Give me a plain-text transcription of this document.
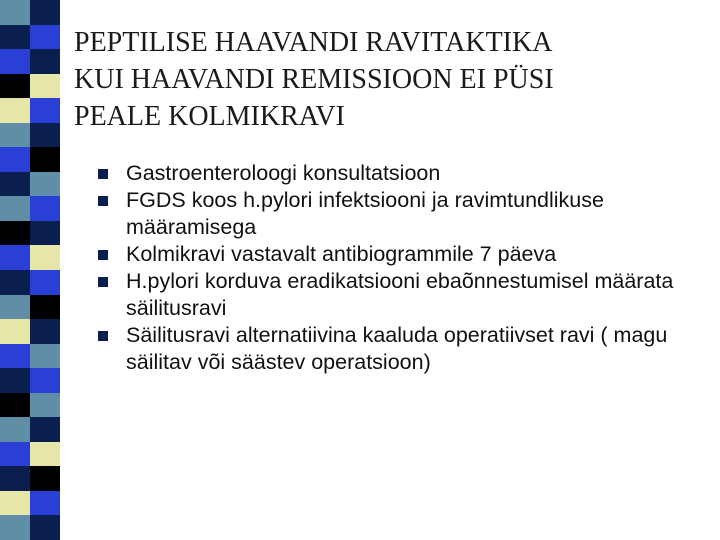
PEPTILISE HAAVANDI RAVITAKTIKA
KUI HAAVANDI REMISSIOON EI PÜSI
PEALE KOLMIKRAVI
Gastroenteroloogi konsultatsioon
FGDS koos h.pylori infektsiooni ja ravimtundlikuse määramisega
Kolmikravi vastavalt antibiogrammile 7 päeva
H.pylori korduva eradikatsiooni ebaõnnestumisel määrata säilitusravi
Säilitusravi alternatiivina kaaluda operatiivset ravi ( magu säilitav või säästev operatsioon)
